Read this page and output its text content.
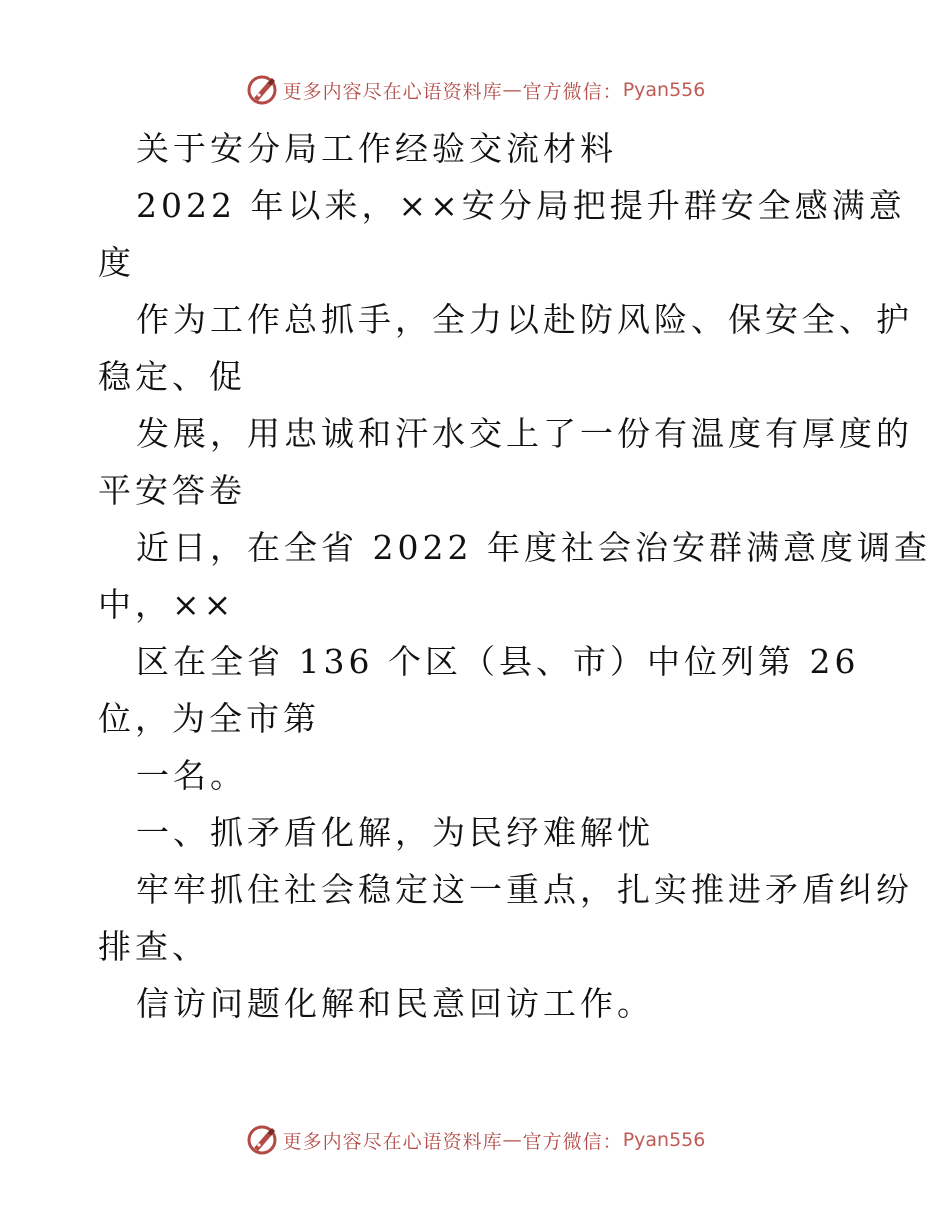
更多内容尽在心语资料库 — 官方微信： Pyan556
关于安分局工作经验交流材料
2022 年以来，××安分局把提升群安全感满意
度
作为工作总抓手，全力以赴防风险、保安全、护
稳定、促
发展，用忠诚和汗水交上了一份有温度有厚度的
平安答卷
近日，在全省 2022 年度社会治安群满意度调查
中，××
区在全省 136 个区（县、市）中位列第 26
位，为全市第
一名。
一、抓矛盾化解，为民纾难解忧
牢牢抓住社会稳定这一重点，扎实推进矛盾纠纷
排查、
信访问题化解和民意回访工作。
更多内容尽在心语资料库 — 官方微信： Pyan556
